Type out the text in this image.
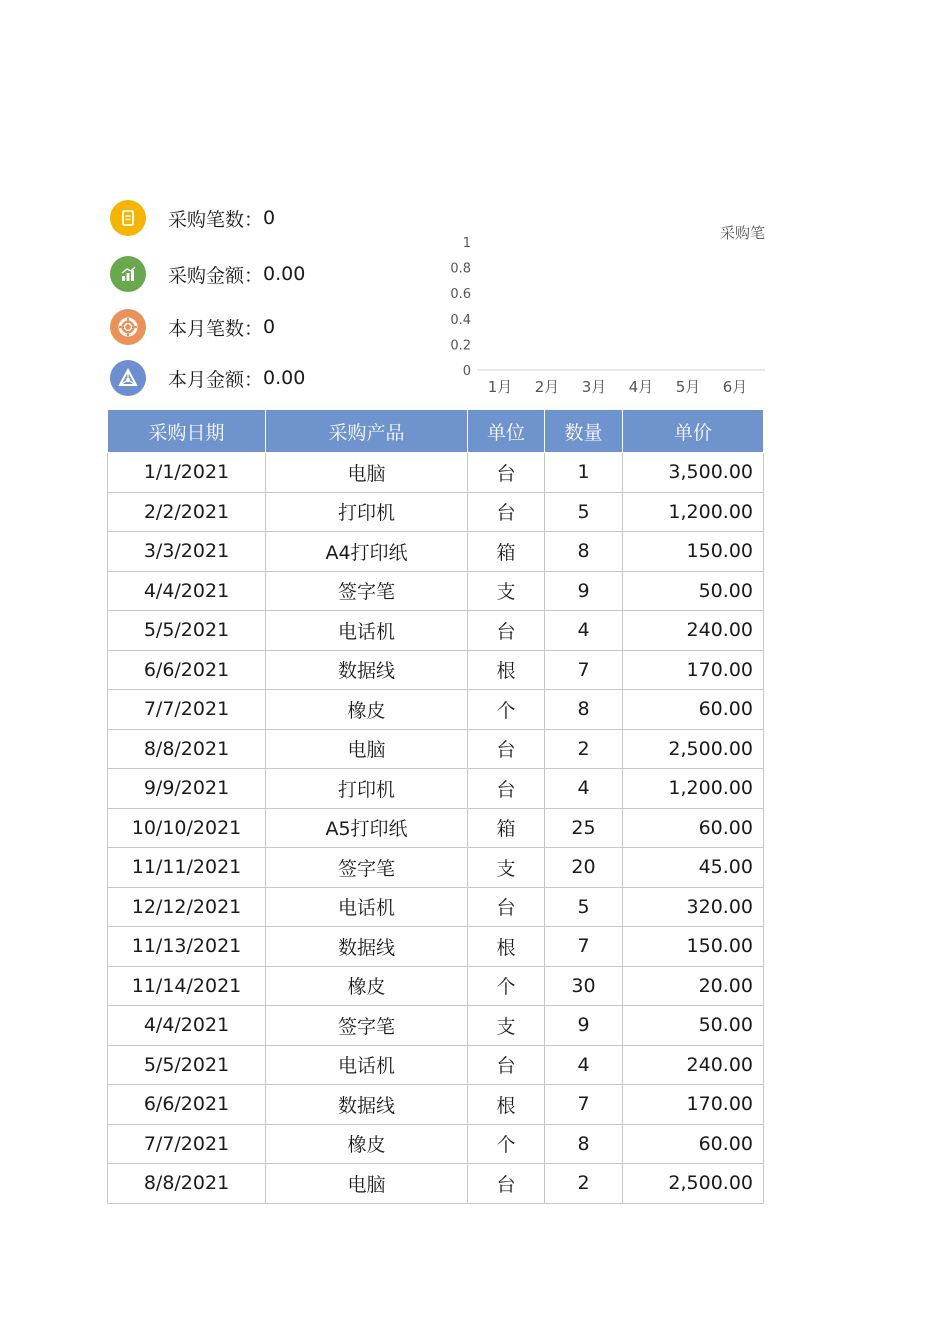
采购笔数： 0
采购金额： 0.00
本月笔数： 0
本月金额： 0.00	0
0.2
0.4
0.6
0.8
1
1月 2月 3月 4月 5月 6月
采购笔
采购日期	采购产品	单位	数量	单价
1/1/2021	电脑	台	1	3,500.00
2/2/2021	打印机	台	5	1,200.00
3/3/2021	A4打印纸	箱	8	150.00
4/4/2021	签字笔	支	9	50.00
5/5/2021	电话机	台	4	240.00
6/6/2021	数据线	根	7	170.00
7/7/2021	橡皮	个	8	60.00
8/8/2021	电脑	台	2	2,500.00
9/9/2021	打印机	台	4	1,200.00
10/10/2021	A5打印纸	箱	25	60.00
11/11/2021	签字笔	支	20	45.00
12/12/2021	电话机	台	5	320.00
11/13/2021	数据线	根	7	150.00
11/14/2021	橡皮	个	30	20.00
4/4/2021	签字笔	支	9	50.00
5/5/2021	电话机	台	4	240.00
6/6/2021	数据线	根	7	170.00
7/7/2021	橡皮	个	8	60.00
8/8/2021	电脑	台	2	2,500.00
